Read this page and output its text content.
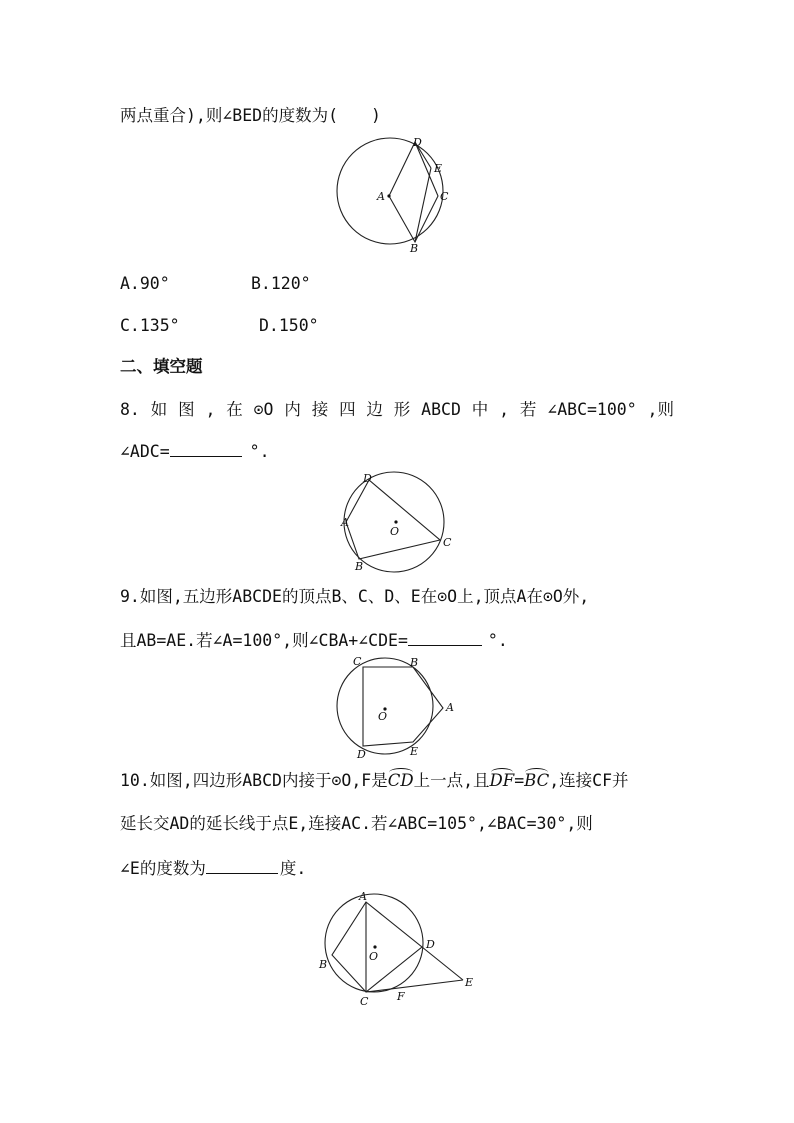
两点重合),则∠BED的度数为(　　)
D
E
A	C
B
A.90°	B.120°
C.135°	D.150°
二、填空题
8. 如 图 , 在 ⊙O 内 接 四 边 形 ABCD 中 , 若 ∠ABC=100° ,则
∠ADC=	°.
D
A
B
C
O
9.如图,五边形ABCDE的顶点B、C、D、E在⊙O上,顶点A在⊙O外,
且AB=AE.若∠A=100°,则∠CBA+∠CDE=	°.
C	B
A
O
D	E
10.如图,四边形ABCD内接于⊙O,F是CD上一点,且DF=BC,连接CF并
延长交AD的延长线于点E,连接AC.若∠ABC=105°,∠BAC=30°,则
∠E的度数为	度.
A
B
O
D
E
C	F
